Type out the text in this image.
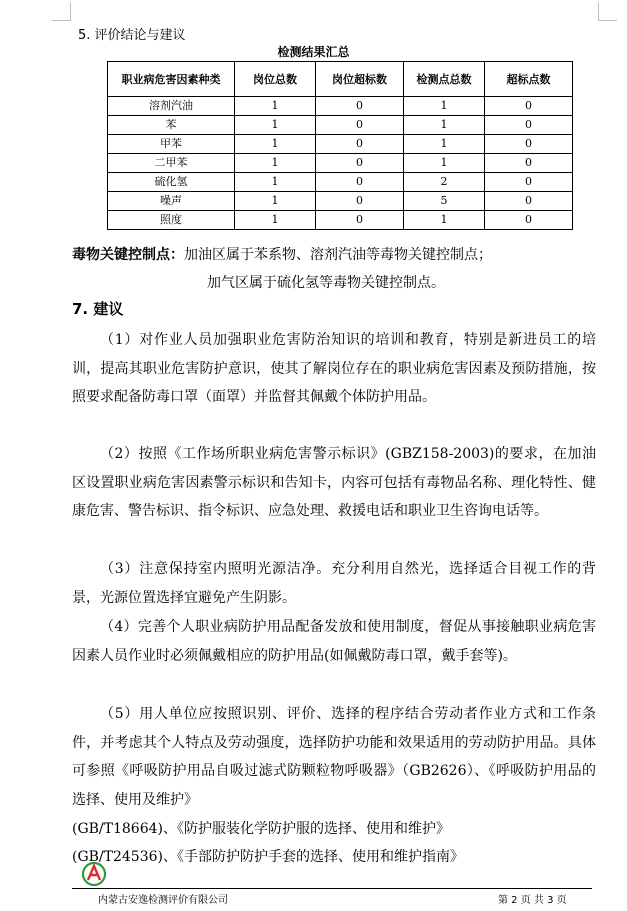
5. 评价结论与建议
检测结果汇总
职业病危害因素种类	岗位总数	岗位超标数	检测点总数	超标点数
溶剂汽油	1	0	1	0
苯	1	0	1	0
甲苯	1	0	1	0
二甲苯	1	0	1	0
硫化氢	1	0	2	0
噪声	1	0	5	0
照度	1	0	1	0
毒物关键控制点：加油区属于苯系物、溶剂汽油等毒物关键控制点；
加气区属于硫化氢等毒物关键控制点。
7. 建议
（1）对作业人员加强职业危害防治知识的培训和教育，特别是新进员工的培训，提高其职业危害防护意识，使其了解岗位存在的职业病危害因素及预防措施，按照要求配备防毒口罩（面罩）并监督其佩戴个体防护用品。
（2）按照《工作场所职业病危害警示标识》(GBZ158-2003)的要求，在加油区设置职业病危害因素警示标识和告知卡，内容可包括有毒物品名称、理化特性、健康危害、警告标识、指令标识、应急处理、救援电话和职业卫生咨询电话等。
（3）注意保持室内照明光源洁净。充分利用自然光，选择适合目视工作的背景，光源位置选择宜避免产生阴影。
（4）完善个人职业病防护用品配备发放和使用制度，督促从事接触职业病危害因素人员作业时必须佩戴相应的防护用品(如佩戴防毒口罩，戴手套等)。
（5）用人单位应按照识别、评价、选择的程序结合劳动者作业方式和工作条件，并考虑其个人特点及劳动强度，选择防护功能和效果适用的劳动防护用品。具体可参照《呼吸防护用品自吸过滤式防颗粒物呼吸器》（GB2626）、《呼吸防护用品的选择、使用及维护》
(GB/T18664)、《防护服装化学防护服的选择、使用和维护》
(GB/T24536)、《手部防护防护手套的选择、使用和维护指南》
内蒙古安逸检测评价有限公司	第 2 页 共 3 页
